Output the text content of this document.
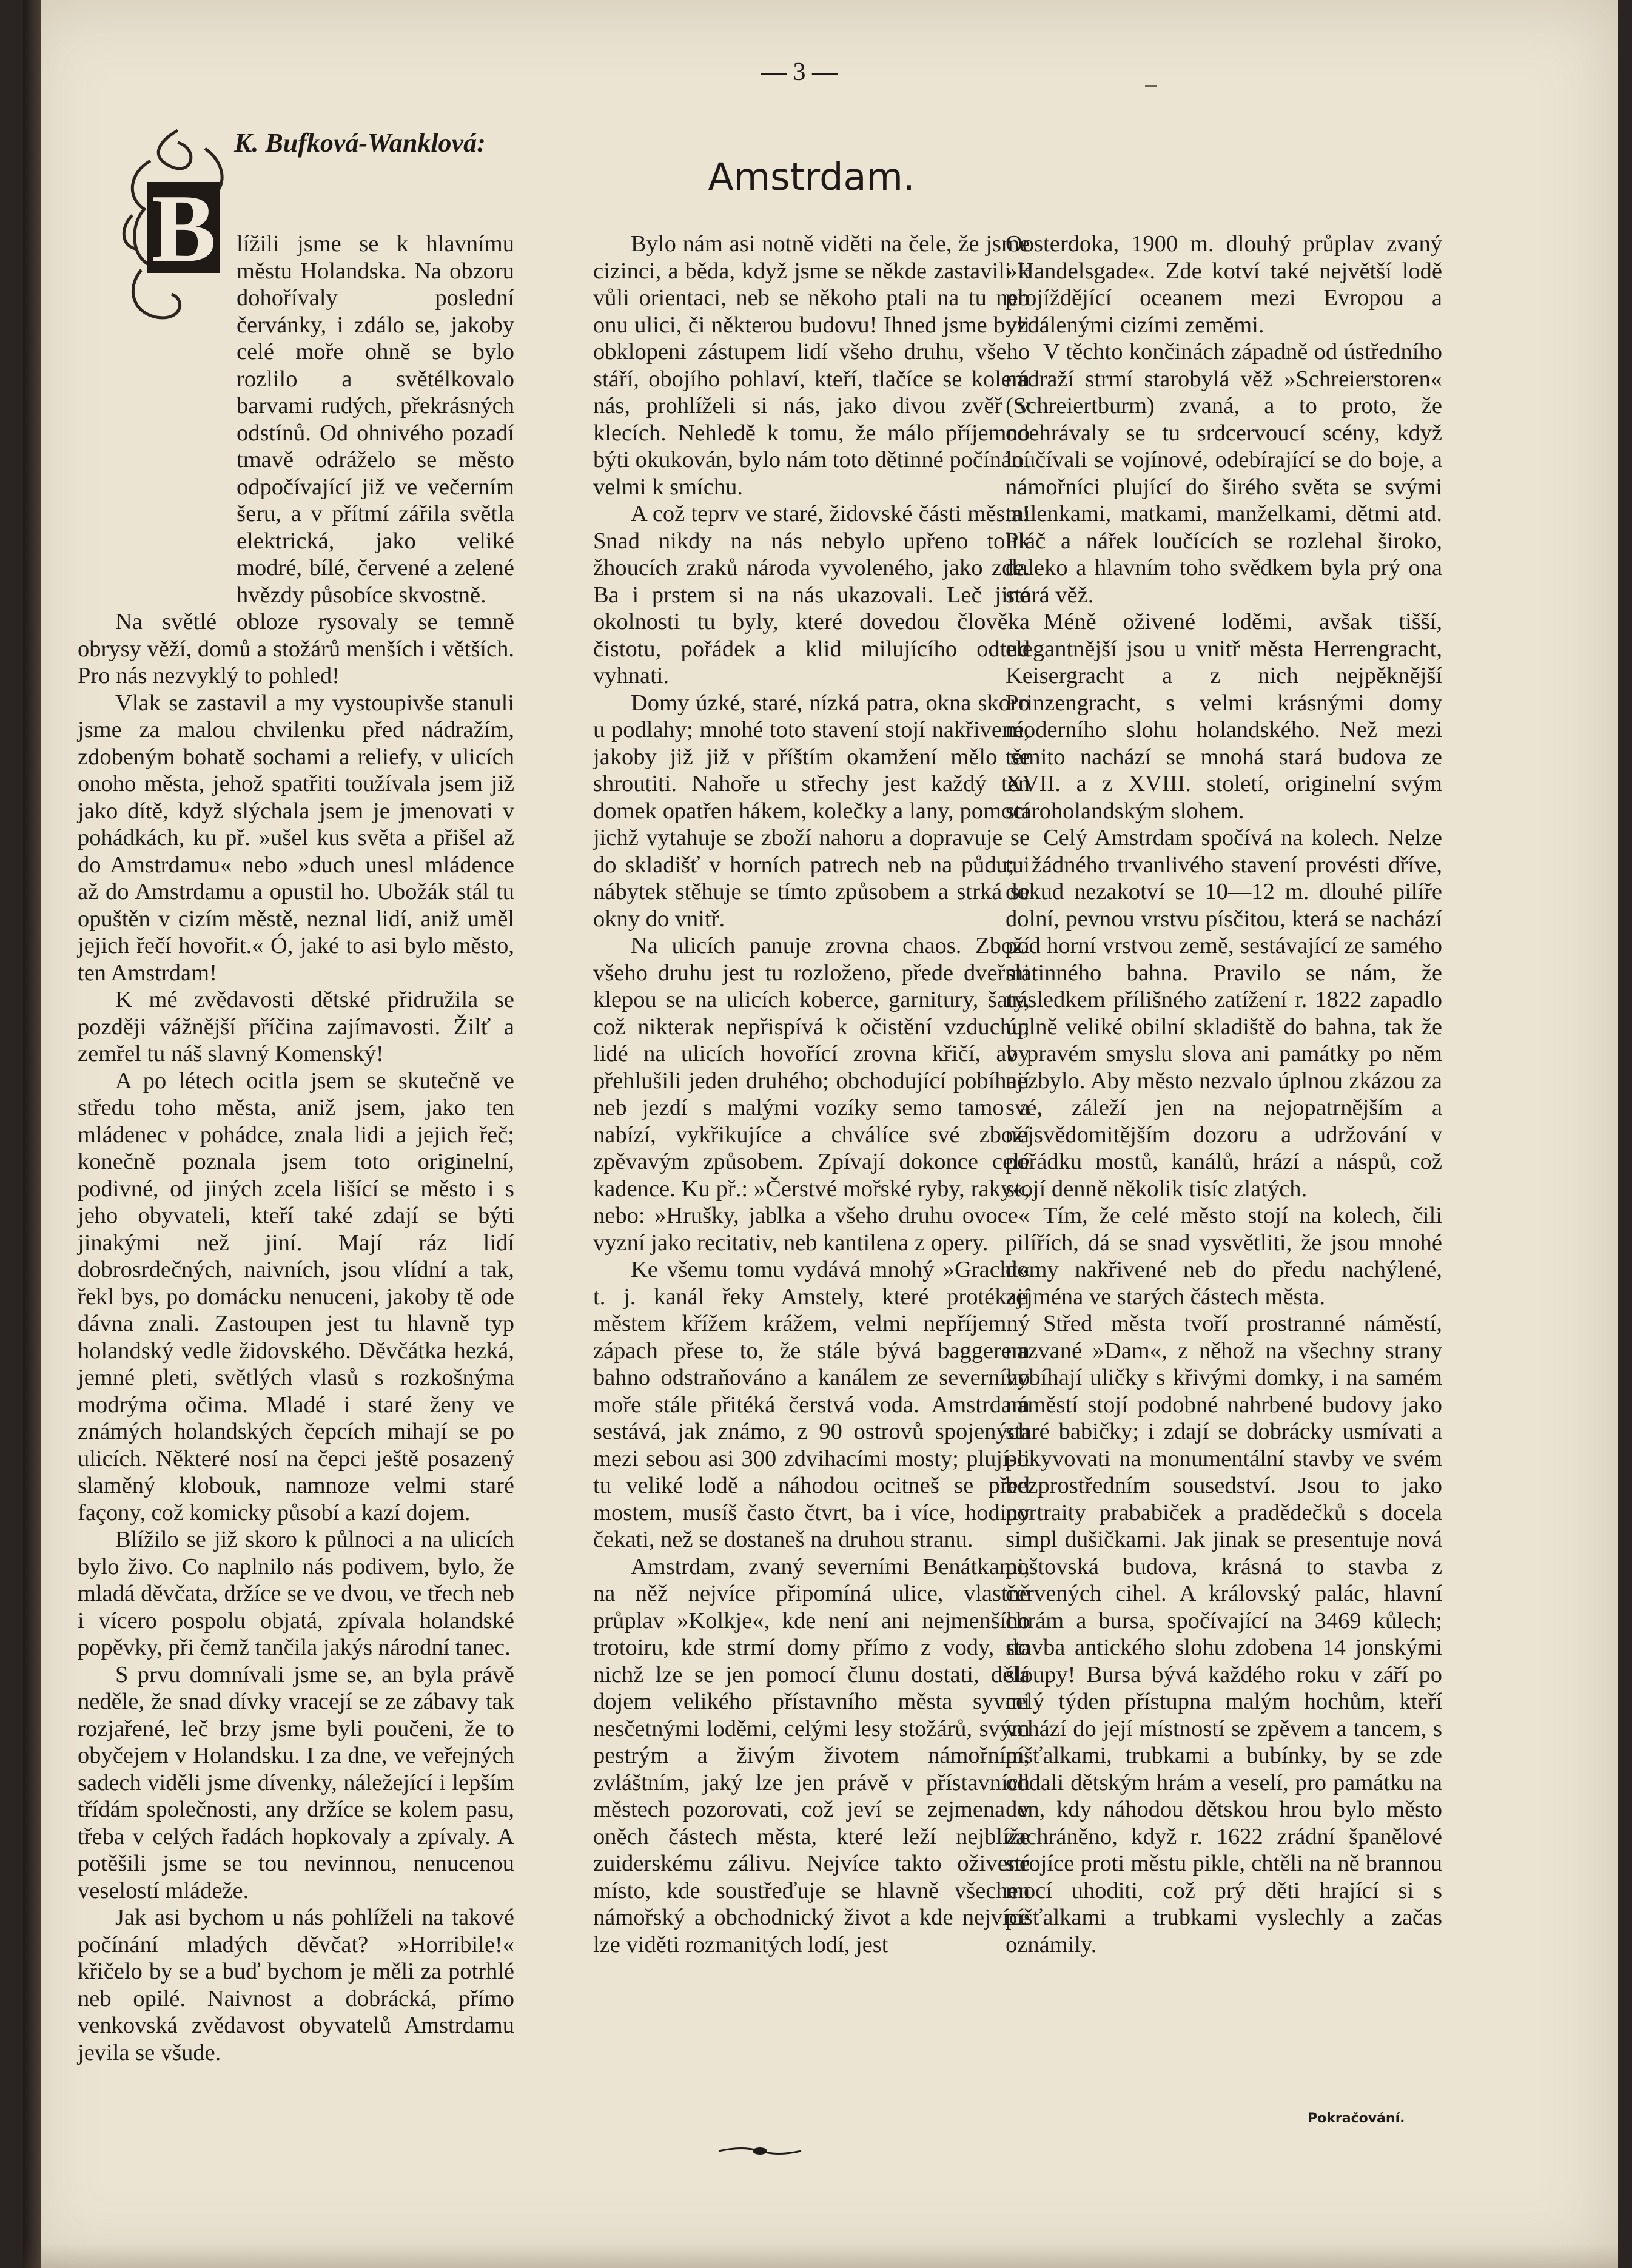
— 3 —
K. Bufková-Wanklová:
Amstrdam.
B lížili jsme se k hlavnímu městu Holandska. Na obzoru dohořívaly poslední červánky, i zdálo se, jakoby celé moře ohně se bylo rozlilo a světélkovalo barvami rudých, překrásných odstínů. Od ohnivého pozadí tmavě odráželo se město odpočívající již ve večerním šeru, a v přítmí zářila světla elektrická, jako veliké modré, bílé, červené a zelené hvězdy působíce skvostně.

Na světlé obloze rysovaly se temně obrysy věží, domů a stožárů menších i větších. Pro nás nezvyklý to pohled!

Vlak se zastavil a my vystoupivše stanuli jsme za malou chvilenku před nádražím, zdobeným bohatě sochami a reliefy, v ulicích onoho města, jehož spatřiti toužívala jsem již jako dítě, když slýchala jsem je jmenovati v pohádkách, ku př. »ušel kus světa a přišel až do Amstrdamu« nebo »duch unesl mládence až do Amstrdamu a opustil ho. Ubožák stál tu opuštěn v cizím městě, neznal lidí, aniž uměl jejich řečí hovořit.« Ó, jaké to asi bylo město, ten Amstrdam!

K mé zvědavosti dětské přidružila se později vážnější příčina zajímavosti. Žilť a zemřel tu náš slavný Komenský!

A po létech ocitla jsem se skutečně ve středu toho města, aniž jsem, jako ten mládenec v pohádce, znala lidi a jejich řeč; konečně poznala jsem toto originelní, podivné, od jiných zcela lišící se město i s jeho obyvateli, kteří také zdají se býti jinakými než jiní. Mají ráz lidí dobrosrdečných, naivních, jsou vlídní a tak, řekl bys, po domácku nenuceni, jakoby tě ode dávna znali. Zastoupen jest tu hlavně typ holandský vedle židovského. Děvčátka hezká, jemné pleti, světlých vlasů s rozkošnýma modrýma očima. Mladé i staré ženy ve známých holandských čepcích mihají se po ulicích. Některé nosí na čepci ještě posazený slaměný klobouk, namnoze velmi staré façony, což komicky působí a kazí dojem.

Blížilo se již skoro k půlnoci a na ulicích bylo živo. Co naplnilo nás podivem, bylo, že mladá děvčata, držíce se ve dvou, ve třech neb i vícero pospolu objatá, zpívala holandské popěvky, při čemž tančila jakýs národní tanec.

S prvu domnívali jsme se, an byla právě neděle, že snad dívky vracejí se ze zábavy tak rozjařené, leč brzy jsme byli poučeni, že to obyčejem v Holandsku. I za dne, ve veřejných sadech viděli jsme dívenky, náležející i lepším třídám společnosti, any držíce se kolem pasu, třeba v celých řadách hopkovaly a zpívaly. A potěšili jsme se tou nevinnou, nenucenou veselostí mládeže.

Jak asi bychom u nás pohlíželi na takové počínání mladých děvčat? »Horribile!« křičelo by se a buď bychom je měli za potrhlé neb opilé. Naivnost a dobrácká, přímo venkovská zvědavost obyvatelů Amstrdamu jevila se všude.

Bylo nám asi notně viděti na čele, že jsme cizinci, a běda, když jsme se někde zastavili k vůli orientaci, neb se někoho ptali na tu neb onu ulici, či některou budovu! Ihned jsme byli obklopeni zástupem lidí všeho druhu, všeho stáří, obojího pohlaví, kteří, tlačíce se kolem nás, prohlíželi si nás, jako divou zvěř v klecích. Nehledě k tomu, že málo příjemno býti okukován, bylo nám toto dětinné počínání velmi k smíchu.

A což teprv ve staré, židovské části města! Snad nikdy na nás nebylo upřeno tolik žhoucích zraků národa vyvoleného, jako zde. Ba i prstem si na nás ukazovali. Leč jiné okolnosti tu byly, které dovedou člověka čistotu, pořádek a klid milujícího odtud vyhnati.

Domy úzké, staré, nízká patra, okna skoro u podlahy; mnohé toto stavení stojí nakřivené, jakoby již již v příštím okamžení mělo se shroutiti. Nahoře u střechy jest každý ten domek opatřen hákem, kolečky a lany, pomocí jichž vytahuje se zboží nahoru a dopravuje se do skladišť v horních patrech neb na půdu; i nábytek stěhuje se tímto způsobem a strká se okny do vnitř.

Na ulicích panuje zrovna chaos. Zboží všeho druhu jest tu rozloženo, přede dveřmi klepou se na ulicích koberce, garnitury, šaty, což nikterak nepřispívá k očistění vzduchu; lidé na ulicích hovořící zrovna křičí, aby přehlušili jeden druhého; obchodující pobíhají neb jezdí s malými vozíky semo tamo a nabízí, vykřikujíce a chválíce své zboží zpěvavým způsobem. Zpívají dokonce celé kadence. Ku př.: »Čerstvé mořské ryby, raky«, nebo: »Hrušky, jablka a všeho druhu ovoce« vyzní jako recitativ, neb kantilena z opery.

Ke všemu tomu vydává mnohý »Gracht« t. j. kanál řeky Amstely, které protékají městem křížem krážem, velmi nepříjemný zápach přese to, že stále bývá baggerem bahno odstraňováno a kanálem ze severního moře stále přitéká čerstvá voda. Amstrdam sestává, jak známo, z 90 ostrovů spojených mezi sebou asi 300 zdvihacími mosty; plují-li tu veliké lodě a náhodou ocitneš se před mostem, musíš často čtvrt, ba i více, hodiny čekati, než se dostaneš na druhou stranu.

Amstrdam, zvaný severními Benátkami, na něž nejvíce připomíná ulice, vlastně průplav »Kolkje«, kde není ani nejmenšího trotoiru, kde strmí domy přímo z vody, do nichž lze se jen pomocí člunu dostati, dělá dojem velikého přístavního města syvmi nesčetnými loděmi, celými lesy stožárů, svým pestrým a živým životem námořním, zvláštním, jaký lze jen právě v přístavních městech pozorovati, což jeví se zejmena v oněch částech města, které leží nejblíže zuiderskému zálivu. Nejvíce takto oživené místo, kde soustřeďuje se hlavně všechen námořský a obchodnický život a kde nejvíce lze viděti rozmanitých lodí, jest

Oosterdoka, 1900 m. dlouhý průplav zvaný »Handelsgade«. Zde kotví také největší lodě projíždějící oceanem mezi Evropou a vzdálenými cizími zeměmi.

V těchto končinách západně od ústředního nádraží strmí starobylá věž »Schreierstoren« (Schreiertburm) zvaná, a to proto, že odehrávaly se tu srdcervoucí scény, když loučívali se vojínové, odebírající se do boje, a námořníci plující do širého světa se svými milenkami, matkami, manželkami, dětmi atd. Pláč a nářek loučících se rozlehal široko, daleko a hlavním toho svědkem byla prý ona stará věž.

Méně oživené loděmi, avšak tišší, elegantnější jsou u vnitř města Herrengracht, Keisergracht a z nich nejpěknější Prinzengracht, s velmi krásnými domy moderního slohu holandského. Než mezi těmito nachází se mnohá stará budova ze XVII. a z XVIII. století, originelní svým staroholandským slohem.

Celý Amstrdam spočívá na kolech. Nelze tu žádného trvanlivého stavení provésti dříve, dokud nezakotví se 10—12 m. dlouhé pilíře dolní, pevnou vrstvu písčitou, která se nachází pod horní vrstvou země, sestávající ze samého slatinného bahna. Pravilo se nám, že následkem přílišného zatížení r. 1822 zapadlo úplně veliké obilní skladiště do bahna, tak že v pravém smyslu slova ani památky po něm nezbylo. Aby město nezvalo úplnou zkázou za své, záleží jen na nejopatrnějším a nejsvědomitějším dozoru a udržování v pořádku mostů, kanálů, hrází a náspů, což stojí denně několik tisíc zlatých.

Tím, že celé město stojí na kolech, čili pilířích, dá se snad vysvětliti, že jsou mnohé domy nakřivené neb do předu nachýlené, zejména ve starých částech města.

Střed města tvoří prostranné náměstí, nazvané »Dam«, z něhož na všechny strany vybíhají uličky s křivými domky, i na samém náměstí stojí podobné nahrbené budovy jako staré babičky; i zdají se dobrácky usmívati a pokyvovati na monumentální stavby ve svém bezprostředním sousedství. Jsou to jako portraity prababiček a pradědečků s docela simpl dušičkami. Jak jinak se presentuje nová poštovská budova, krásná to stavba z červených cihel. A královský palác, hlavní chrám a bursa, spočívající na 3469 kůlech; stavba antického slohu zdobena 14 jonskými sloupy! Bursa bývá každého roku v září po celý týden přístupna malým hochům, kteří vchází do její místností se zpěvem a tancem, s píšťalkami, trubkami a bubínky, by se zde oddali dětským hrám a veselí, pro památku na den, kdy náhodou dětskou hrou bylo město zachráněno, když r. 1622 zrádní španělové strojíce proti městu pikle, chtěli na ně brannou mocí uhoditi, což prý děti hrající si s píšťalkami a trubkami vyslechly a začas oznámily.

Pokračování.
